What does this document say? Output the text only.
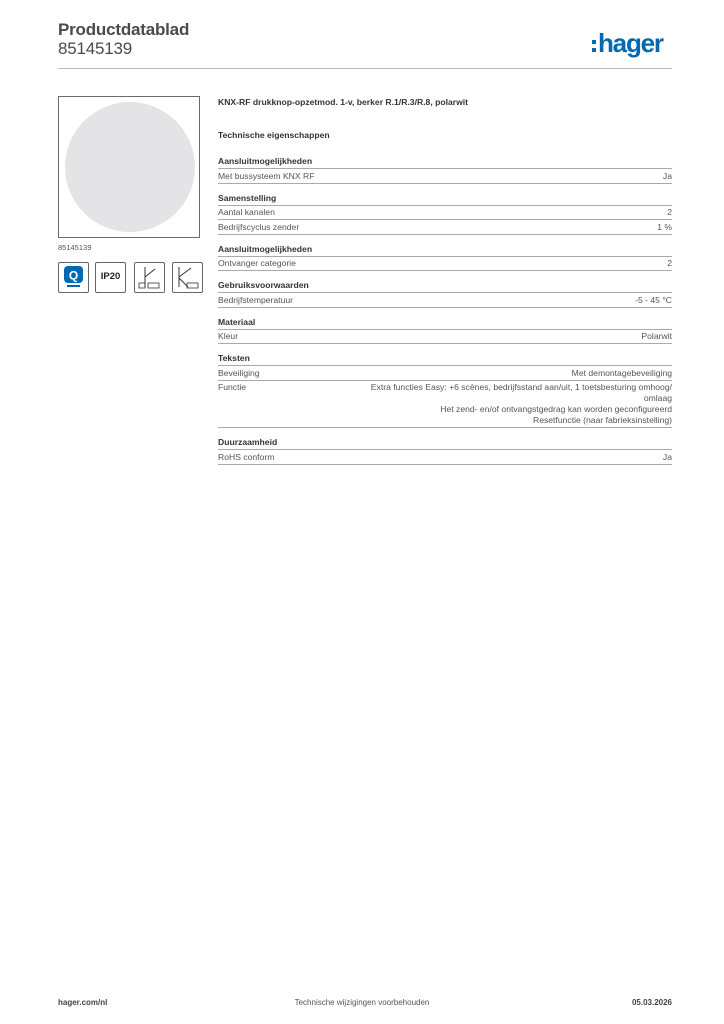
Productdatablad
85145139	hager
85145139
Q	IP20
KNX-RF drukknop-opzetmod. 1-v, berker R.1/R.3/R.8, polarwit
Technische eigenschappen
Aansluitmogelijkheden
Met bussysteem KNX RF	Ja
Samenstelling
Aantal kanalen	2
Bedrijfscyclus zender	1 %
Aansluitmogelijkheden
Ontvanger categorie	2
Gebruiksvoorwaarden
Bedrijfstemperatuur	-5 - 45 °C
Materiaal
Kleur	Polarwit
Teksten
Beveiliging	Met demontagebeveiliging
Functie	Extra functies Easy: +6 scènes, bedrijfsstand aan/uit, 1 toetsbesturing omhoog/
omlaag
Het zend- en/of ontvangstgedrag kan worden geconfigureerd
Resetfunctie (naar fabrieksinstelling)
Duurzaamheid
RoHS conform	Ja
hager.com/nl	Technische wijzigingen voorbehouden	05.03.2026
